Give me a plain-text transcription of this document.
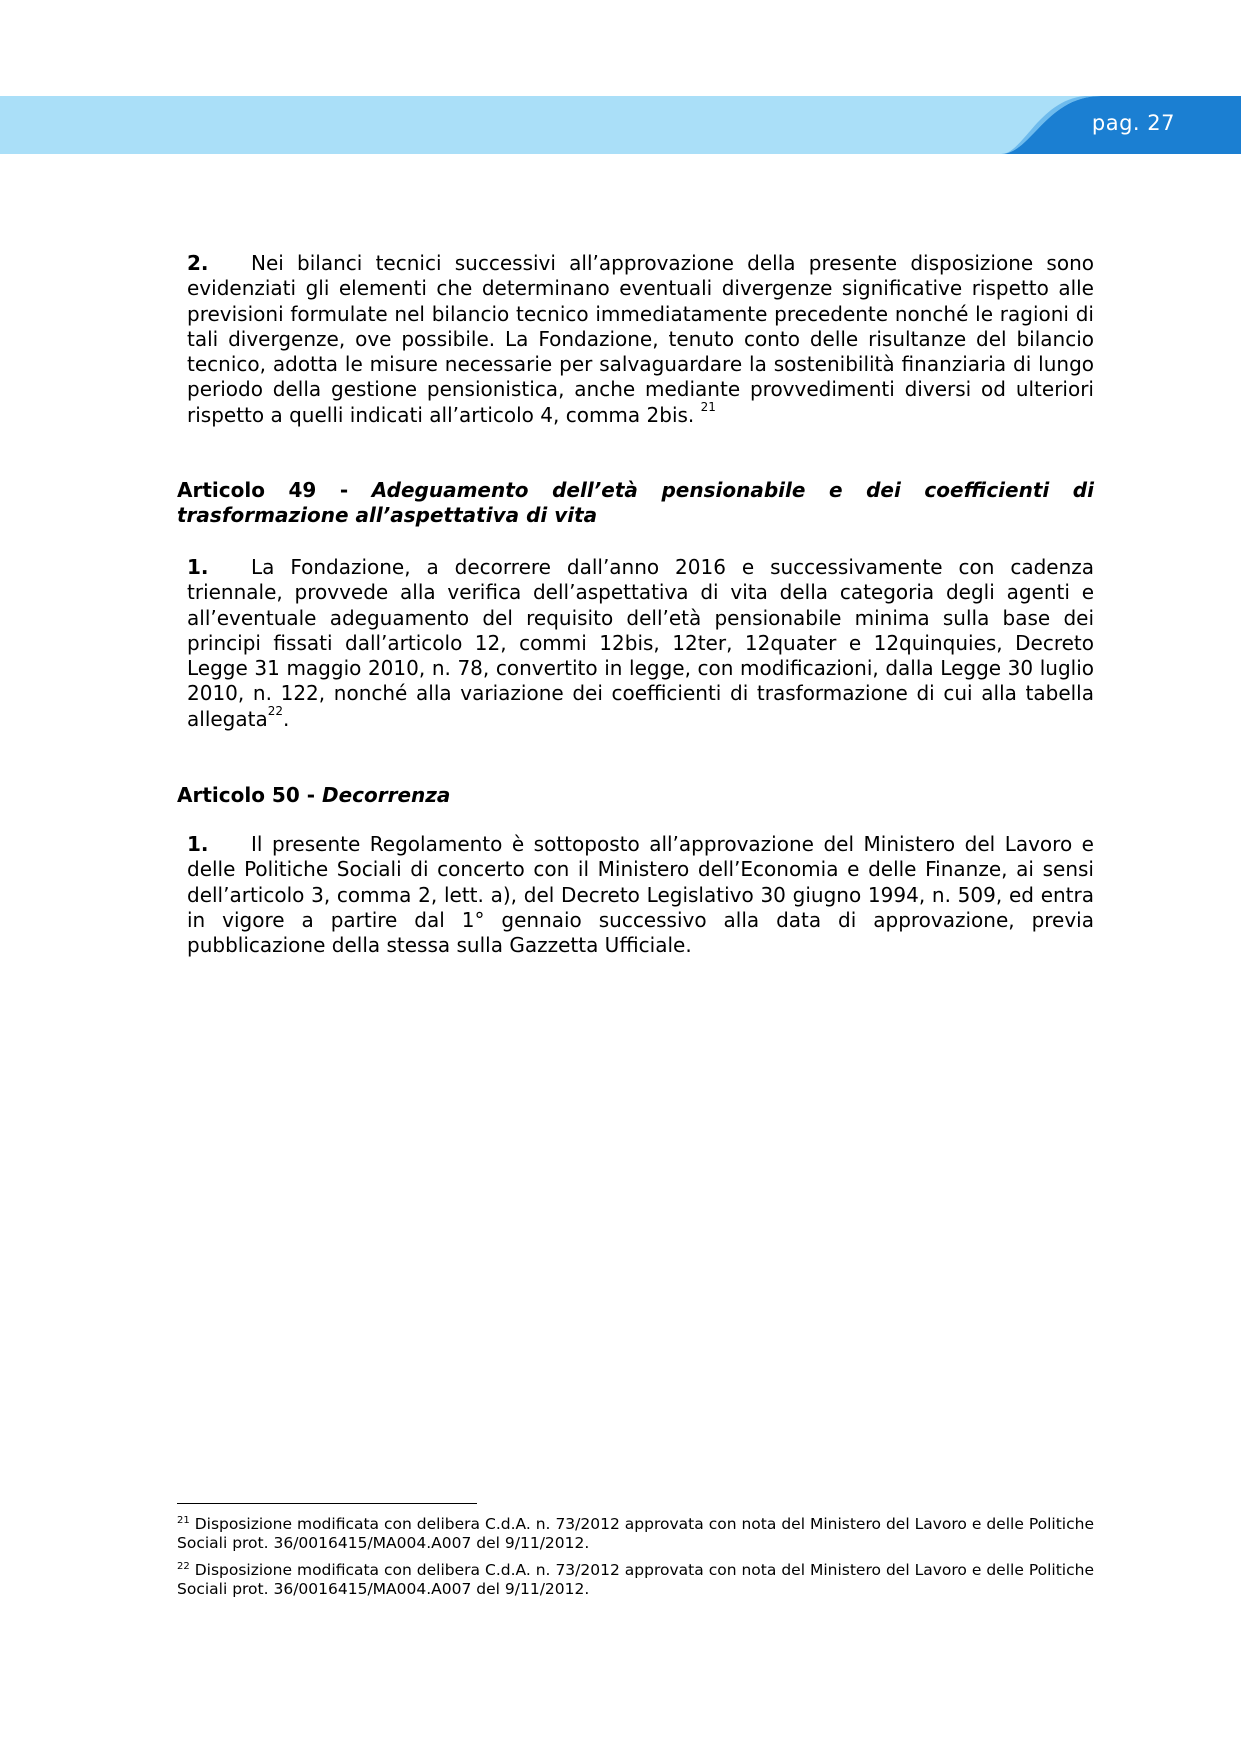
pag. 27
2. Nei bilanci tecnici successivi all’approvazione della presente disposizione sono evidenziati gli elementi che determinano eventuali divergenze significative rispetto alle previsioni formulate nel bilancio tecnico immediatamente precedente nonché le ragioni di tali divergenze, ove possibile. La Fondazione, tenuto conto delle risultanze del bilancio tecnico, adotta le misure necessarie per salvaguardare la sostenibilità finanziaria di lungo periodo della gestione pensionistica, anche mediante provvedimenti diversi od ulteriori rispetto a quelli indicati all’articolo 4, comma 2bis. $^{21}$
Articolo 49 - Adeguamento dell’età pensionabile e dei coefficienti di trasformazione all’aspettativa di vita
1. La Fondazione, a decorrere dall’anno 2016 e successivamente con cadenza triennale, provvede alla verifica dell’aspettativa di vita della categoria degli agenti e all’eventuale adeguamento del requisito dell’età pensionabile minima sulla base dei principi fissati dall’articolo 12, commi 12bis, 12ter, 12quater e 12quinquies, Decreto Legge 31 maggio 2010, n. 78, convertito in legge, con modificazioni, dalla Legge 30 luglio 2010, n. 122, nonché alla variazione dei coefficienti di trasformazione di cui alla tabella allegata$^{22}$.
Articolo 50 - Decorrenza
1. Il presente Regolamento è sottoposto all’approvazione del Ministero del Lavoro e delle Politiche Sociali di concerto con il Ministero dell’Economia e delle Finanze, ai sensi dell’articolo 3, comma 2, lett. a), del Decreto Legislativo 30 giugno 1994, n. 509, ed entra in vigore a partire dal 1° gennaio successivo alla data di approvazione, previa pubblicazione della stessa sulla Gazzetta Ufficiale.
$^{21}$ Disposizione modificata con delibera C.d.A. n. 73/2012 approvata con nota del Ministero del Lavoro e delle Politiche Sociali prot. 36/0016415/MA004.A007 del 9/11/2012.
$^{22}$ Disposizione modificata con delibera C.d.A. n. 73/2012 approvata con nota del Ministero del Lavoro e delle Politiche Sociali prot. 36/0016415/MA004.A007 del 9/11/2012.
